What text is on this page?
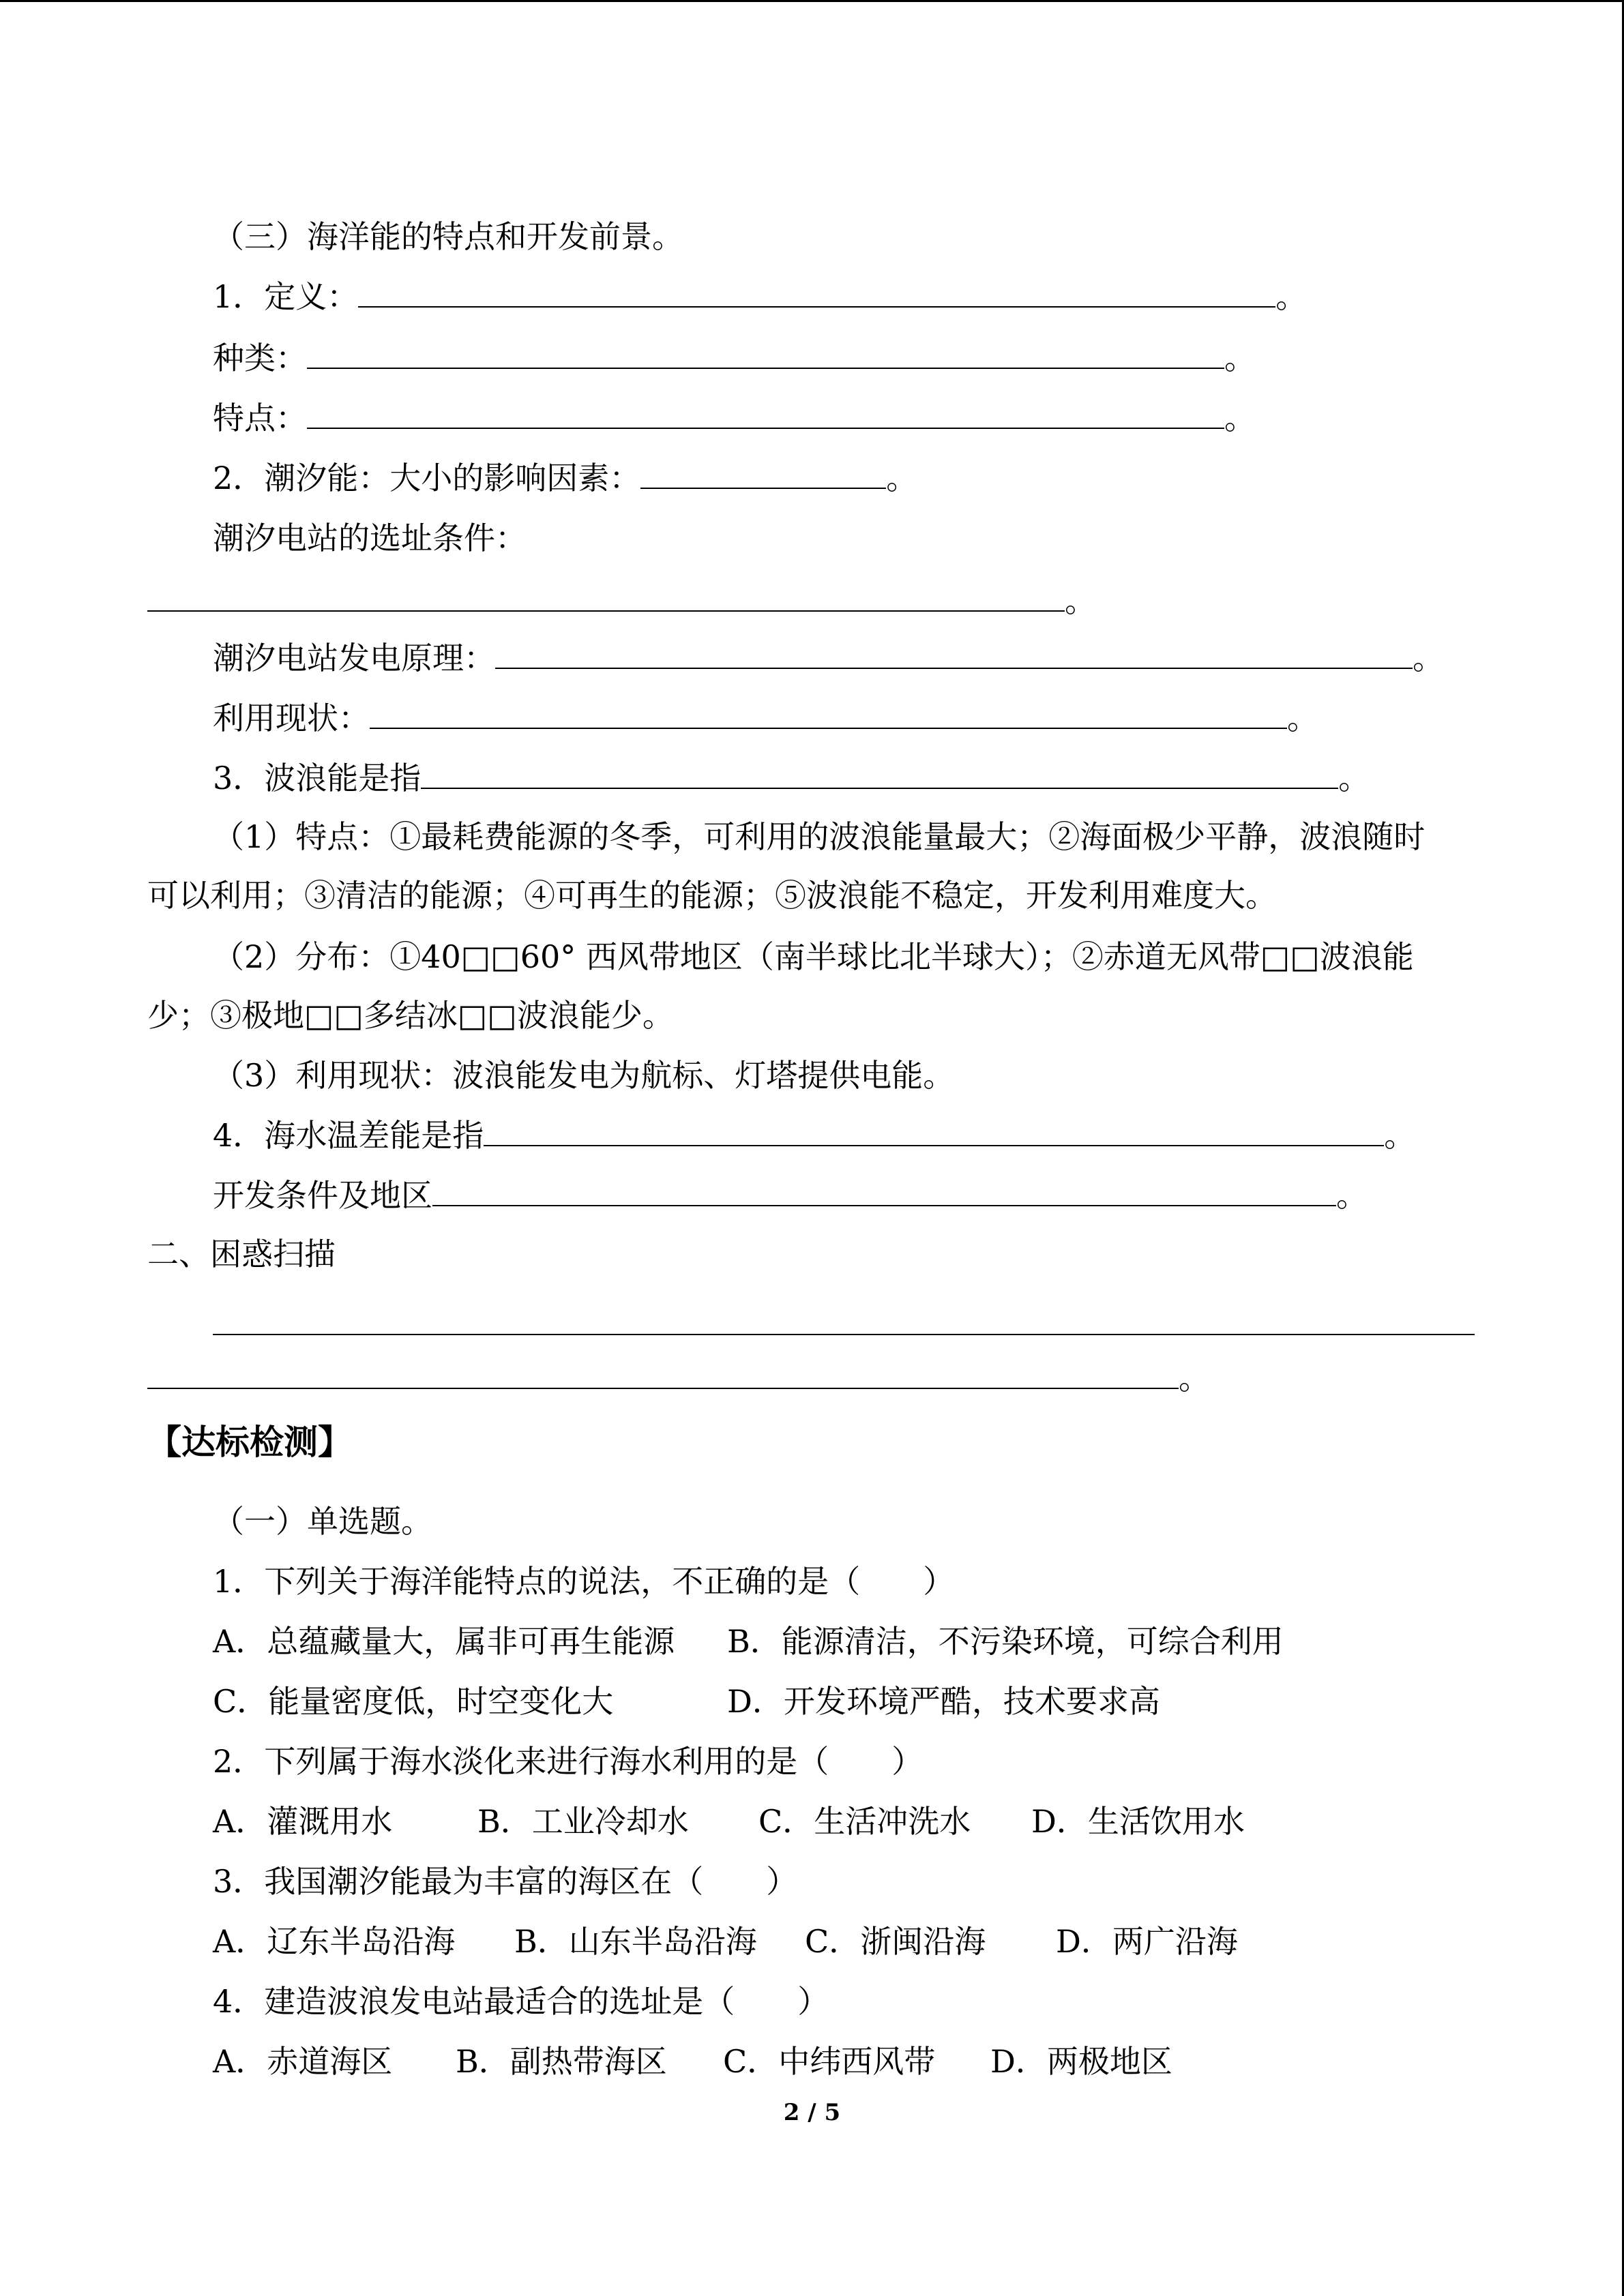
（三）海洋能的特点和开发前景。
1．定义：	。
种类：	。
特点：	。
2．潮汐能：大小的影响因素：	。
潮汐电站的选址条件：
。
潮汐电站发电原理：	。
利用现状：	。
3．波浪能是指	。
（1）特点：①最耗费能源的冬季，可利用的波浪能量最大；②海面极少平静，波浪随时
可以利用；③清洁的能源；④可再生的能源；⑤波浪能不稳定，开发利用难度大。
（2）分布：①40□□60° 西风带地区（南半球比北半球大）；②赤道无风带□□波浪能
少；③极地□□多结冰□□波浪能少。
（3）利用现状：波浪能发电为航标、灯塔提供电能。
4．海水温差能是指	。
开发条件及地区	。
二、困惑扫描
。
【达标检测】
（一）单选题。
1．下列关于海洋能特点的说法，不正确的是（　　）
A．总蕴藏量大，属非可再生能源 B．能源清洁，不污染环境，可综合利用
C．能量密度低，时空变化大	D．开发环境严酷，技术要求高
2．下列属于海水淡化来进行海水利用的是（　　）
A．灌溉用水	B．工业冷却水 C．生活冲洗水 D．生活饮用水
3．我国潮汐能最为丰富的海区在（　　）
A．辽东半岛沿海 B．山东半岛沿海 C．浙闽沿海 D．两广沿海
4．建造波浪发电站最适合的选址是（　　）
A．赤道海区 B．副热带海区 C．中纬西风带 D．两极地区
2 / 5
